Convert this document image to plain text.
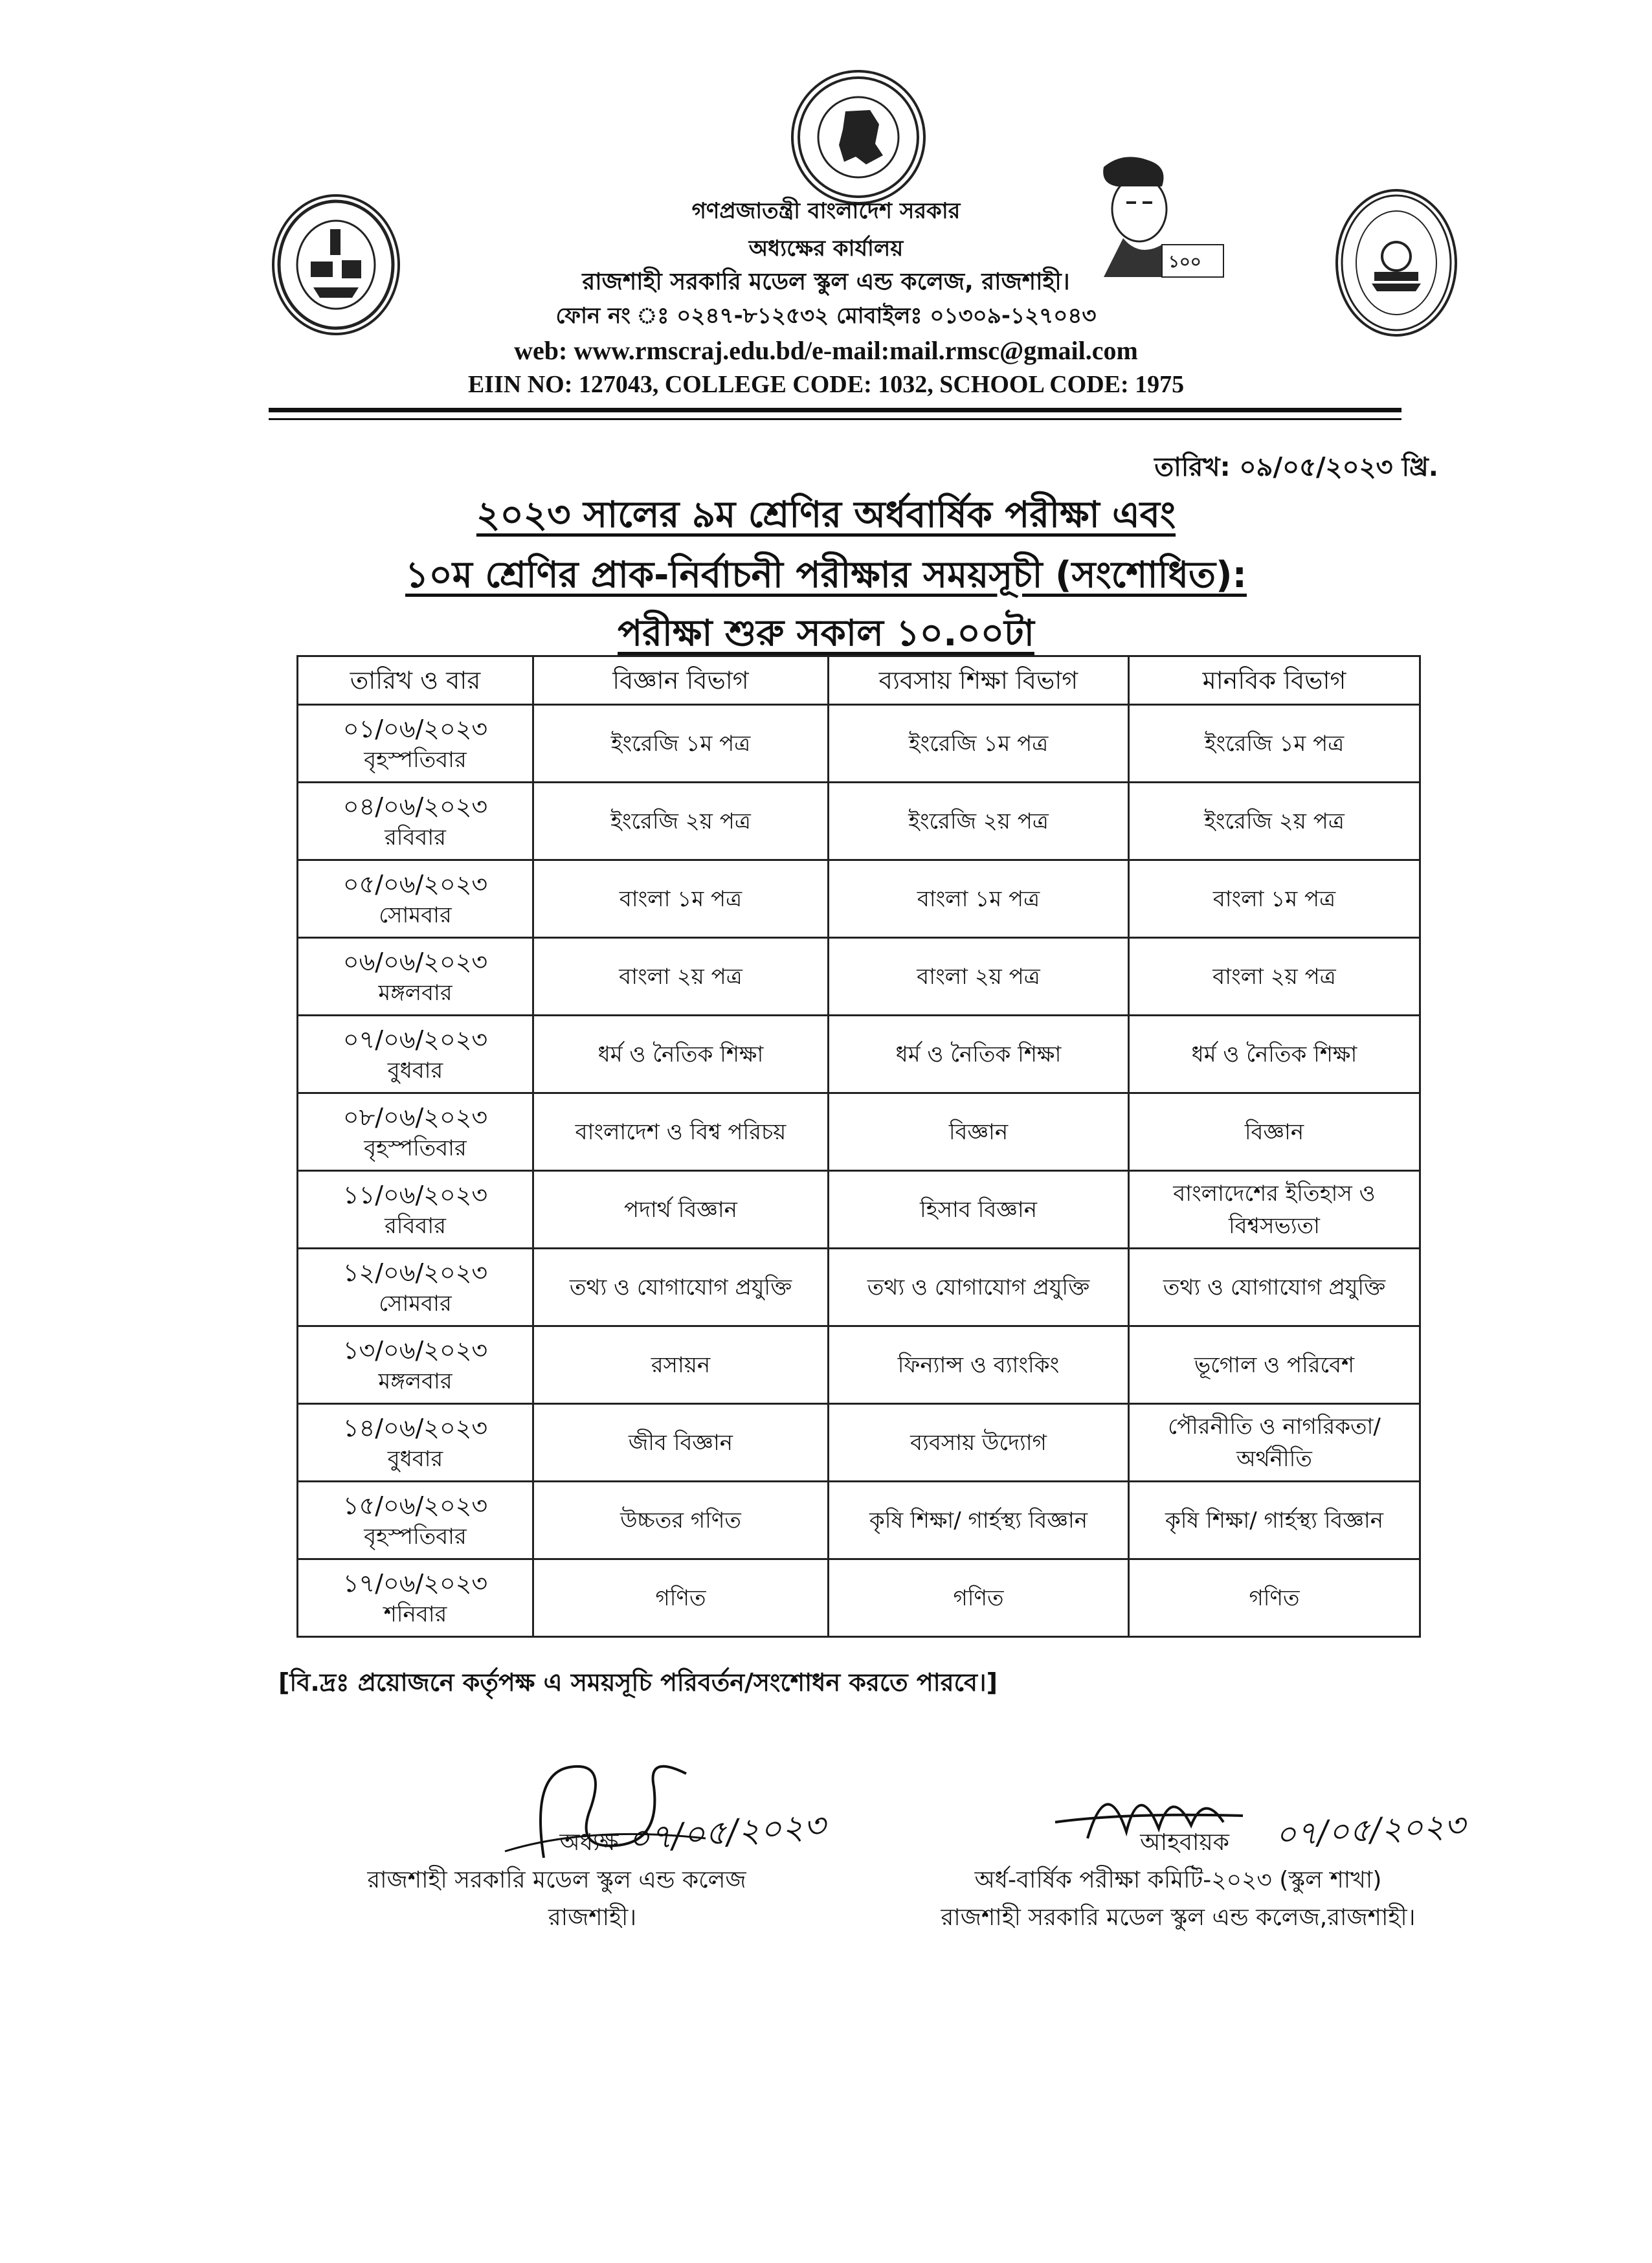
১০০
গণপ্রজাতন্ত্রী বাংলাদেশ সরকার
অধ্যক্ষের কার্যালয়
রাজশাহী সরকারি মডেল স্কুল এন্ড কলেজ, রাজশাহী।
ফোন নং ঃ ০২৪৭-৮১২৫৩২ মোবাইলঃ ০১৩০৯-১২৭০৪৩
web: www.rmscraj.edu.bd/e-mail:mail.rmsc@gmail.com
EIIN NO: 127043, COLLEGE CODE: 1032, SCHOOL CODE: 1975
তারিখ: ০৯/০৫/২০২৩ খ্রি.
২০২৩ সালের ৯ম শ্রেণির অর্ধবার্ষিক পরীক্ষা এবং
১০ম শ্রেণির প্রাক-নির্বাচনী পরীক্ষার সময়সূচী (সংশোধিত):
পরীক্ষা শুরু সকাল ১০.০০টা
তারিখ ও বার	বিজ্ঞান বিভাগ	ব্যবসায় শিক্ষা বিভাগ	মানবিক বিভাগ

০১/০৬/২০২৩
বৃহস্পতিবার	ইংরেজি ১ম পত্র	ইংরেজি ১ম পত্র	ইংরেজি ১ম পত্র

০৪/০৬/২০২৩
রবিবার	ইংরেজি ২য় পত্র	ইংরেজি ২য় পত্র	ইংরেজি ২য় পত্র

০৫/০৬/২০২৩
সোমবার	বাংলা ১ম পত্র	বাংলা ১ম পত্র	বাংলা ১ম পত্র

০৬/০৬/২০২৩
মঙ্গলবার	বাংলা ২য় পত্র	বাংলা ২য় পত্র	বাংলা ২য় পত্র

০৭/০৬/২০২৩
বুধবার	ধর্ম ও নৈতিক শিক্ষা	ধর্ম ও নৈতিক শিক্ষা	ধর্ম ও নৈতিক শিক্ষা

০৮/০৬/২০২৩
বৃহস্পতিবার	বাংলাদেশ ও বিশ্ব পরিচয়	বিজ্ঞান	বিজ্ঞান

১১/০৬/২০২৩
রবিবার	পদার্থ বিজ্ঞান	হিসাব বিজ্ঞান	বাংলাদেশের ইতিহাস ও বিশ্বসভ্যতা

১২/০৬/২০২৩
সোমবার	তথ্য ও যোগাযোগ প্রযুক্তি	তথ্য ও যোগাযোগ প্রযুক্তি	তথ্য ও যোগাযোগ প্রযুক্তি

১৩/০৬/২০২৩
মঙ্গলবার	রসায়ন	ফিন্যান্স ও ব্যাংকিং	ভূগোল ও পরিবেশ

১৪/০৬/২০২৩
বুধবার	জীব বিজ্ঞান	ব্যবসায় উদ্যোগ	পৌরনীতি ও নাগরিকতা/অর্থনীতি

১৫/০৬/২০২৩
বৃহস্পতিবার	উচ্চতর গণিত	কৃষি শিক্ষা/ গার্হস্থ্য বিজ্ঞান	কৃষি শিক্ষা/ গার্হস্থ্য বিজ্ঞান

১৭/০৬/২০২৩
শনিবার	গণিত	গণিত	গণিত
[বি.দ্রঃ প্রয়োজনে কর্তৃপক্ষ এ সময়সূচি পরিবর্তন/সংশোধন করতে পারবে।]
০৭/০৫/২০২৩	০৭/০৫/২০২৩
অধ্যক্ষ
রাজশাহী সরকারি মডেল স্কুল এন্ড কলেজ
রাজশাহী।
আহবায়ক
অর্ধ-বার্ষিক পরীক্ষা কমিটি-২০২৩ (স্কুল শাখা)
রাজশাহী সরকারি মডেল স্কুল এন্ড কলেজ,রাজশাহী।
